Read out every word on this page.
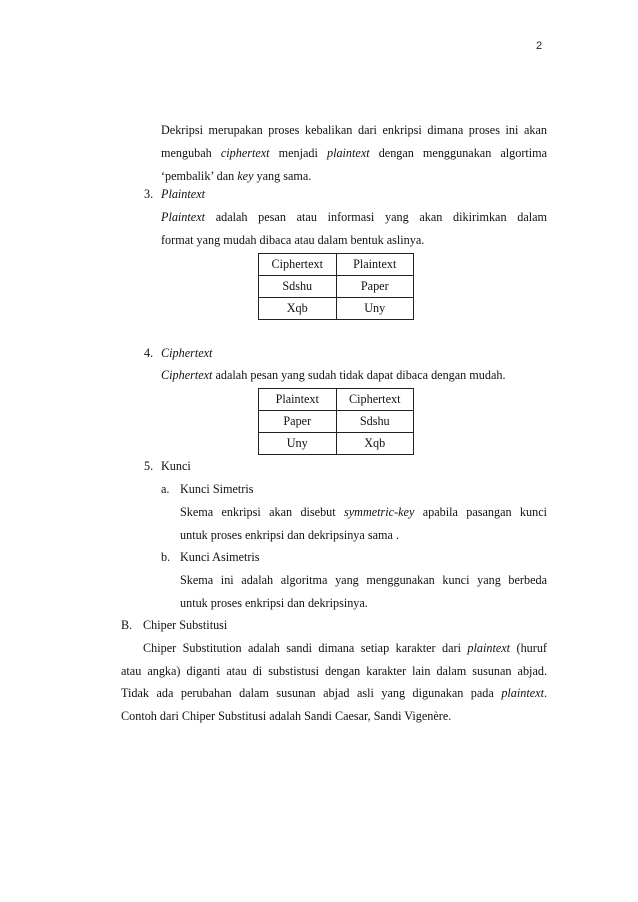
2
Dekripsi merupakan proses kebalikan dari enkripsi dimana proses ini akan
mengubah ciphertext menjadi plaintext dengan menggunakan algortima
‘pembalik’ dan key yang sama.
3. Plaintext
Plaintext adalah pesan atau informasi yang akan dikirimkan dalam
format yang mudah dibaca atau dalam bentuk aslinya.
Ciphertext	Plaintext
Sdshu	Paper
Xqb	Uny
4. Ciphertext
Ciphertext adalah pesan yang sudah tidak dapat dibaca dengan mudah.
Plaintext	Ciphertext
Paper	Sdshu
Uny	Xqb
5. Kunci
a. Kunci Simetris
Skema enkripsi akan disebut symmetric-key apabila pasangan kunci
untuk proses enkripsi dan dekripsinya sama .
b. Kunci Asimetris
Skema ini adalah algoritma yang menggunakan kunci yang berbeda
untuk proses enkripsi dan dekripsinya.
B. Chiper Substitusi
Chiper Substitution adalah sandi dimana setiap karakter dari plaintext (huruf
atau angka) diganti atau di substistusi dengan karakter lain dalam susunan abjad.
Tidak ada perubahan dalam susunan abjad asli yang digunakan pada plaintext.
Contoh dari Chiper Substitusi adalah Sandi Caesar, Sandi Vigenère.
